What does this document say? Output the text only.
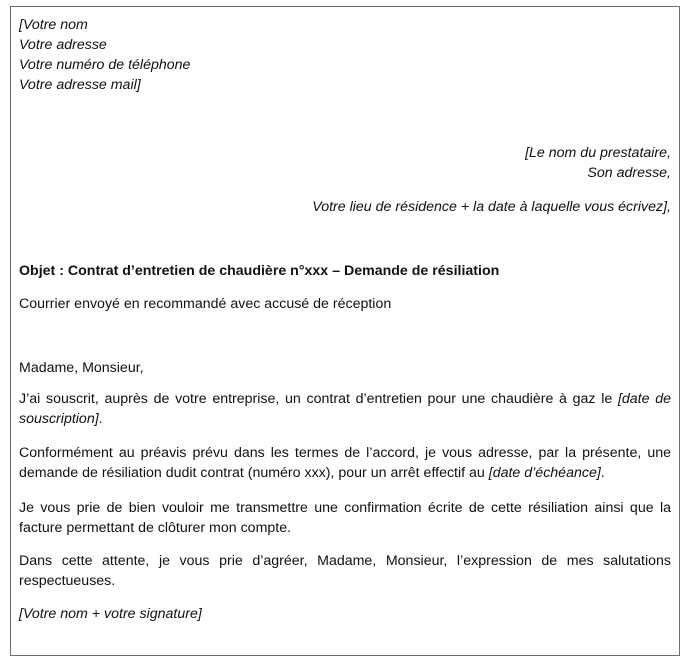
[Votre nom
Votre adresse
Votre numéro de téléphone
Votre adresse mail]
[Le nom du prestataire,
Son adresse,
Votre lieu de résidence + la date à laquelle vous écrivez],
Objet : Contrat d’entretien de chaudière n°xxx – Demande de résiliation
Courrier envoyé en recommandé avec accusé de réception
Madame, Monsieur,
J’ai souscrit, auprès de votre entreprise, un contrat d’entretien pour une chaudière à gaz le [date de souscription].
Conformément au préavis prévu dans les termes de l’accord, je vous adresse, par la présente, une demande de résiliation dudit contrat (numéro xxx), pour un arrêt effectif au [date d’échéance].
Je vous prie de bien vouloir me transmettre une confirmation écrite de cette résiliation ainsi que la facture permettant de clôturer mon compte.
Dans cette attente, je vous prie d’agréer, Madame, Monsieur, l’expression de mes salutations respectueuses.
[Votre nom + votre signature]
